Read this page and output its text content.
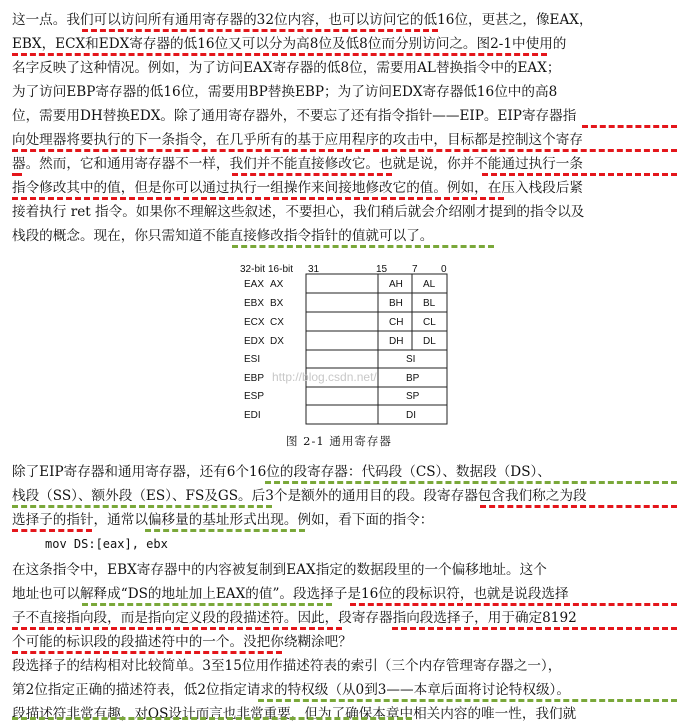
这一点。我们可以访问所有通用寄存器的32位内容，也可以访问它的低16位，更甚之，像EAX，
EBX，ECX和EDX寄存器的低16位又可以分为高8位及低8位而分别访问之。图2-1中使用的
名字反映了这种情况。例如，为了访问EAX寄存器的低8位，需要用AL替换指令中的EAX；
为了访问EBP寄存器的低16位，需要用BP替换EBP；为了访问EDX寄存器低16位中的高8
位，需要用DH替换EDX。除了通用寄存器外，不要忘了还有指令指针——EIP。EIP寄存器指
向处理器将要执行的下一条指令，在几乎所有的基于应用程序的攻击中，目标都是控制这个寄存
器。然而，它和通用寄存器不一样，我们并不能直接修改它。也就是说，你并不能通过执行一条
指令修改其中的值，但是你可以通过执行一组操作来间接地修改它的值。例如，在压入栈段后紧
接着执行 ret 指令。如果你不理解这些叙述，不要担心，我们稍后就会介绍刚才提到的指令以及
栈段的概念。现在，你只需知道不能直接修改指令指针的值就可以了。
32-bit 16-bit 31	15 7 0
EAX AX
EBX BX
ECX CX
EDX DX
ESI
EBP
ESP
EDI
AH AL
BH BL
CH CL
DH DL
SI
BP
SP
DI
http://blog.csdn.net/
图 2-1 通用寄存器
除了EIP寄存器和通用寄存器，还有6个16位的段寄存器：代码段（CS）、数据段（DS）、
栈段（SS）、额外段（ES）、FS及GS。后3个是额外的通用目的段。段寄存器包含我们称之为段
选择子的指针，通常以偏移量的基址形式出现。例如，看下面的指令：
mov DS:[eax], ebx
在这条指令中，EBX寄存器中的内容被复制到EAX指定的数据段里的一个偏移地址。这个
地址也可以解释成“DS的地址加上EAX的值”。段选择子是16位的段标识符，也就是说段选择
子不直接指向段，而是指向定义段的段描述符。因此，段寄存器指向段选择子，用于确定8192
个可能的标识段的段描述符中的一个。没把你绕糊涂吧？
段选择子的结构相对比较简单。3至15位用作描述符表的索引（三个内存管理寄存器之一），
第2位指定正确的描述符表，低2位指定请求的特权级（从0到3——本章后面将讨论特权级）。
段描述符非常有趣，对OS设计而言也非常重要，但为了确保本章中相关内容的唯一性，我们就
